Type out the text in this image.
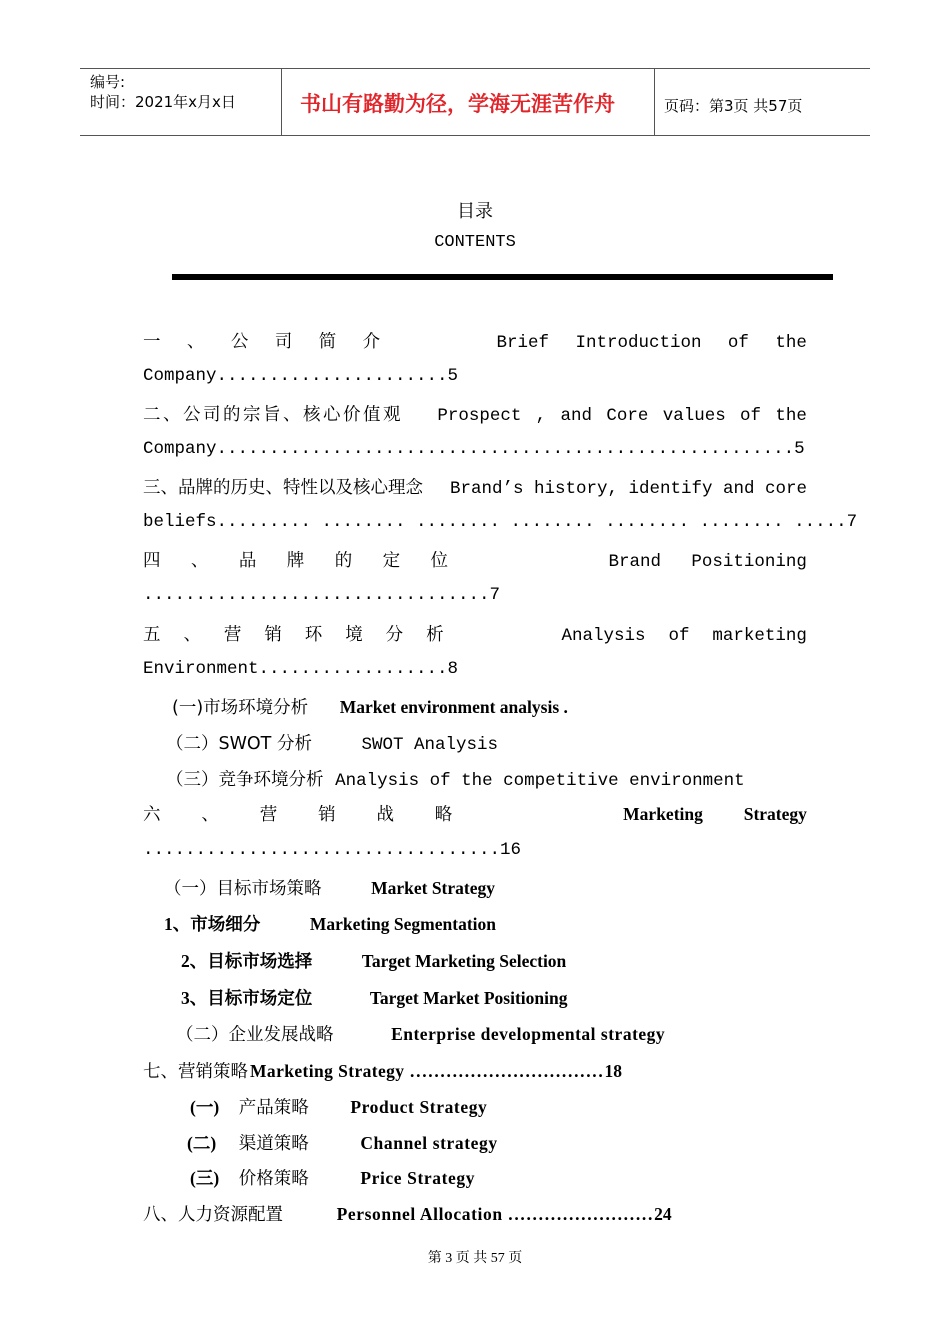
编号:
时间：2021年x月x日	书山有路勤为径，学海无涯苦作舟	页码：第3页 共57页
目录
CONTENTS
一 、 公 司 简 介	Brief Introduction of the
Company......................5
二、公司的宗旨、核心价值观 Prospect , and Core values of the
Company.......................................................5
三、品牌的历史、特性以及核心理念 Brand’s history, identify and core
beliefs......... ........ ........ ........ ........ ........ .....7
四 、 品 牌 的 定 位	Brand Positioning
.................................7
五 、 营 销 环 境 分 析	Analysis of marketing
Environment..................8
(一)市场环境分析 Market environment analysis .
（二）SWOT 分析	SWOT Analysis
（三）竞争环境分析 Analysis of the competitive environment
六 、 营 销 战 略	Marketing Strategy
..................................16
（一）目标市场策略	Market Strategy
1、市场细分	Marketing Segmentation
2、目标市场选择	Target Marketing Selection
3、目标市场定位	Target Market Positioning
（二）企业发展战略	Enterprise developmental strategy
七、营销策略 Marketing Strategy ................................18
(一) 产品策略 Product Strategy
(二) 渠道策略	Channel strategy
(三) 价格策略	Price Strategy
八、人力资源配置	Personnel Allocation ........................24
第 3 页 共 57 页
